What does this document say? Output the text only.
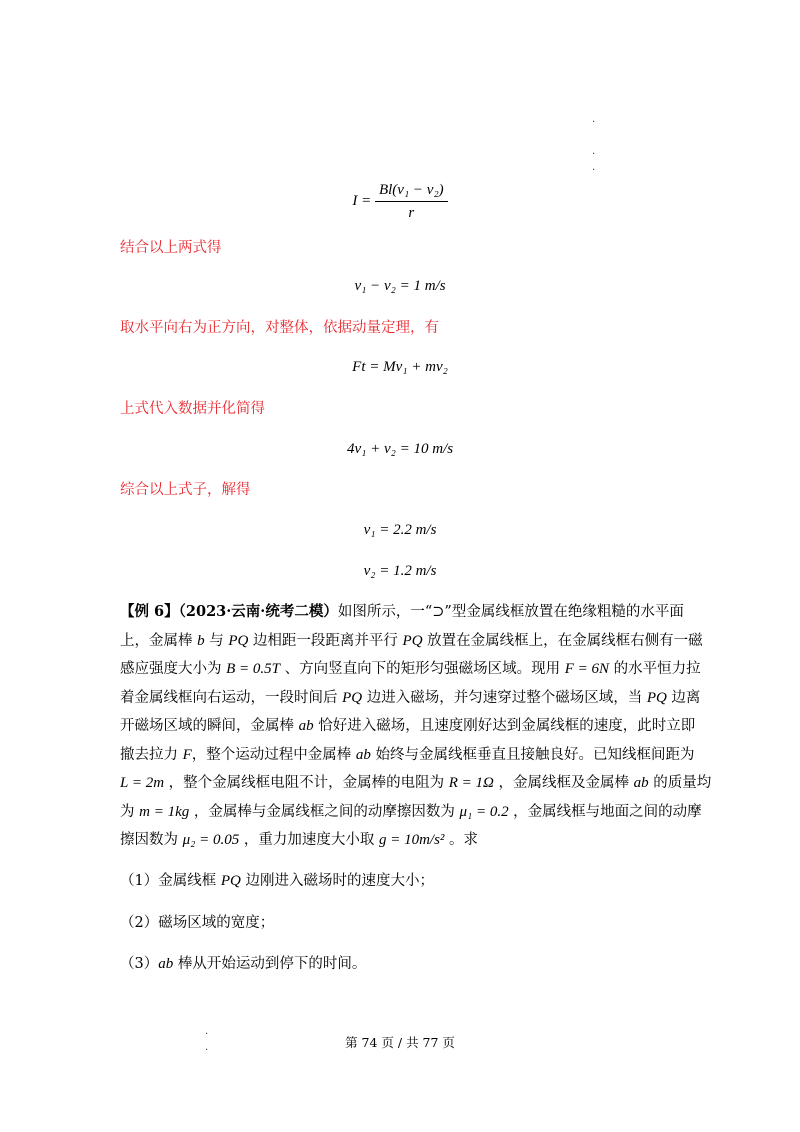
·
·
·
$I = \frac{\text{Bl(v₁ − v₂)}}{r}$
结合以上两式得
v₁ − v₂ = 1 m/s
取水平向右为正方向，对整体，依据动量定理，有
Ft = Mv₁ + mv₂
上式代入数据并化简得
4v₁ + v₂ = 10 m/s
综合以上式子，解得
v₁ = 2.2 m/s
v₂ = 1.2 m/s
【例 6】（2023·云南·统考二模）如图所示，一“⊃”型金属线框放置在绝缘粗糙的水平面
上，金属棒 b 与 PQ 边相距一段距离并平行 PQ 放置在金属线框上，在金属线框右侧有一磁
感应强度大小为 B = 0.5T 、方向竖直向下的矩形匀强磁场区域。现用 F = 6N 的水平恒力拉
着金属线框向右运动，一段时间后 PQ 边进入磁场，并匀速穿过整个磁场区域，当 PQ 边离
开磁场区域的瞬间，金属棒 ab 恰好进入磁场，且速度刚好达到金属线框的速度，此时立即
撤去拉力 F，整个运动过程中金属棒 ab 始终与金属线框垂直且接触良好。已知线框间距为
L = 2m ，整个金属线框电阻不计，金属棒的电阻为 R = 1Ω ，金属线框及金属棒 ab 的质量均
为 m = 1kg ，金属棒与金属线框之间的动摩擦因数为 μ₁ = 0.2 ，金属线框与地面之间的动摩
擦因数为 μ₂ = 0.05 ，重力加速度大小取 g = 10m/s² 。求
（1）金属线框 PQ 边刚进入磁场时的速度大小；
（2）磁场区域的宽度；
（3）ab 棒从开始运动到停下的时间。
·
·
第 74 页 / 共 77 页
